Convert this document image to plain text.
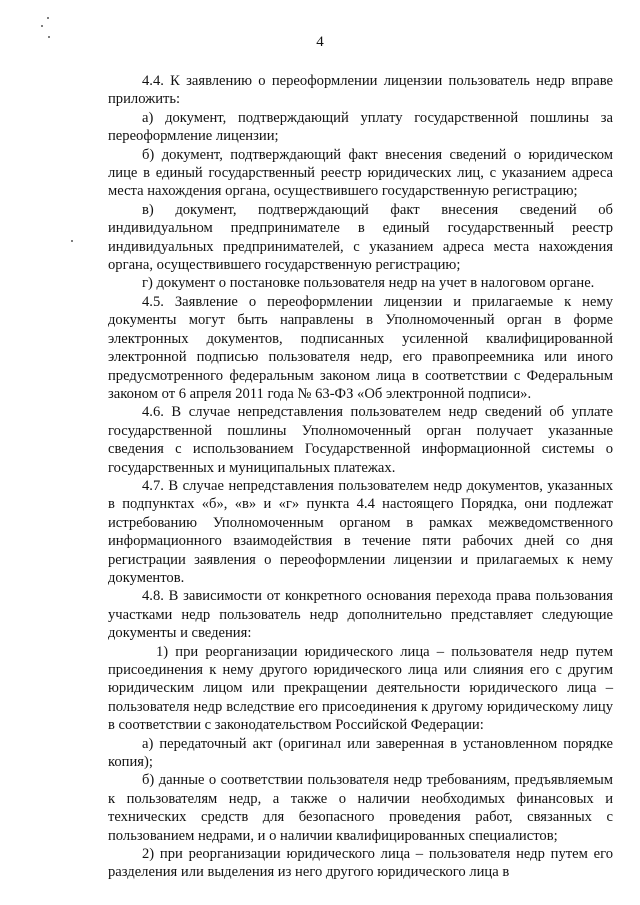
4

4.4. К заявлению о переоформлении лицензии пользователь недр вправе приложить:

а) документ, подтверждающий уплату государственной пошлины за переоформление лицензии;

б) документ, подтверждающий факт внесения сведений о юридическом лице в единый государственный реестр юридических лиц, с указанием адреса места нахождения органа, осуществившего государственную регистрацию;

в) документ, подтверждающий факт внесения сведений об индивидуальном предпринимателе в единый государственный реестр индивидуальных предпринимателей, с указанием адреса места нахождения органа, осуществившего государственную регистрацию;

г) документ о постановке пользователя недр на учет в налоговом органе.

4.5. Заявление о переоформлении лицензии и прилагаемые к нему документы могут быть направлены в Уполномоченный орган в форме электронных документов, подписанных усиленной квалифицированной электронной подписью пользователя недр, его правопреемника или иного предусмотренного федеральным законом лица в соответствии с Федеральным законом от 6 апреля 2011 года № 63-ФЗ «Об электронной подписи».

4.6. В случае непредставления пользователем недр сведений об уплате государственной пошлины Уполномоченный орган получает указанные сведения с использованием Государственной информационной системы о государственных и муниципальных платежах.

4.7. В случае непредставления пользователем недр документов, указанных в подпунктах «б», «в» и «г» пункта 4.4 настоящего Порядка, они подлежат истребованию Уполномоченным органом в рамках межведомственного информационного взаимодействия в течение пяти рабочих дней со дня регистрации заявления о переоформлении лицензии и прилагаемых к нему документов.

4.8. В зависимости от конкретного основания перехода права пользования участками недр пользователь недр дополнительно представляет следующие документы и сведения:

1) при реорганизации юридического лица – пользователя недр путем присоединения к нему другого юридического лица или слияния его с другим юридическим лицом или прекращении деятельности юридического лица – пользователя недр вследствие его присоединения к другому юридическому лицу в соответствии с законодательством Российской Федерации:

а) передаточный акт (оригинал или заверенная в установленном порядке копия);

б) данные о соответствии пользователя недр требованиям, предъявляемым к пользователям недр, а также о наличии необходимых финансовых и технических средств для безопасного проведения работ, связанных с пользованием недрами, и о наличии квалифицированных специалистов;

2) при реорганизации юридического лица – пользователя недр путем его разделения или выделения из него другого юридического лица в
